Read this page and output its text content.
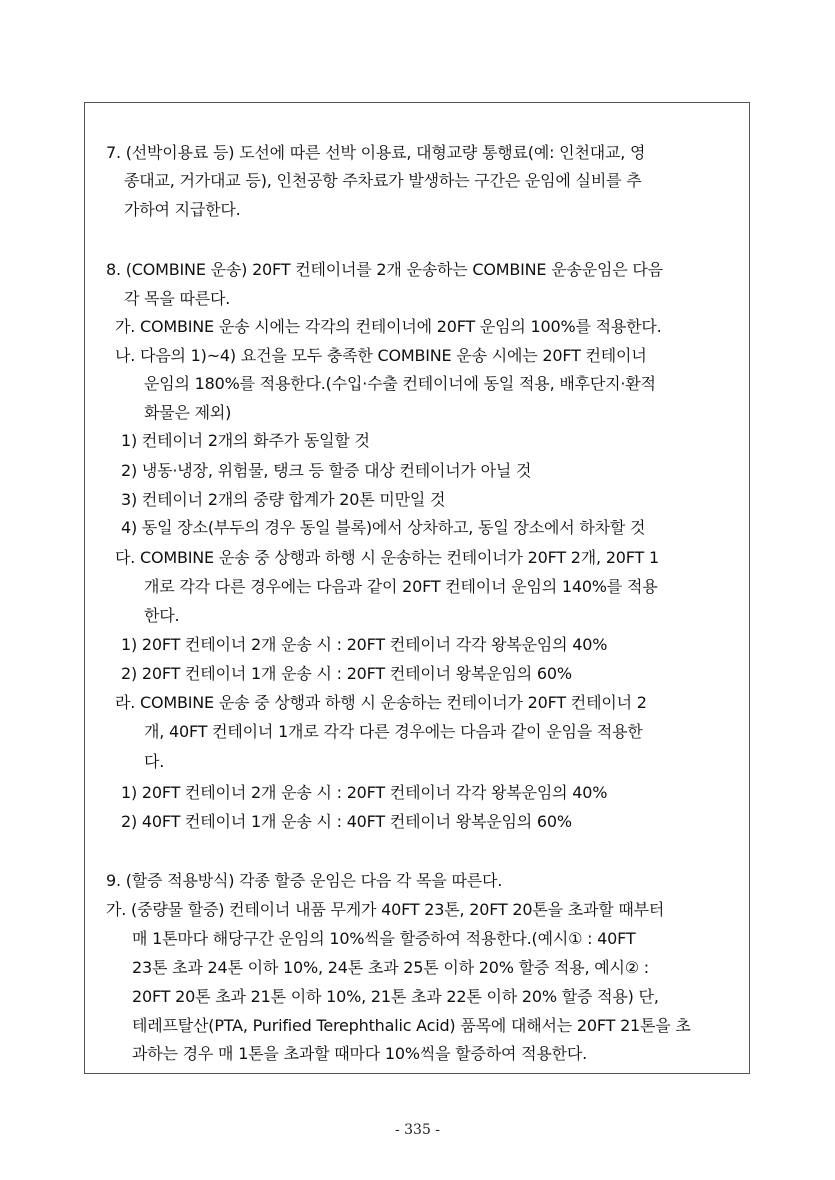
7. (선박이용료 등) 도선에 따른 선박 이용료, 대형교량 통행료(예: 인천대교, 영
종대교, 거가대교 등), 인천공항 주차료가 발생하는 구간은 운임에 실비를 추
가하여 지급한다.
8. (COMBINE 운송) 20FT 컨테이너를 2개 운송하는 COMBINE 운송운임은 다음
각 목을 따른다.
가. COMBINE 운송 시에는 각각의 컨테이너에 20FT 운임의 100%를 적용한다.
나. 다음의 1)~4) 요건을 모두 충족한 COMBINE 운송 시에는 20FT 컨테이너
운임의 180%를 적용한다.(수입·수출 컨테이너에 동일 적용, 배후단지·환적
화물은 제외)
1) 컨테이너 2개의 화주가 동일할 것
2) 냉동·냉장, 위험물, 탱크 등 할증 대상 컨테이너가 아닐 것
3) 컨테이너 2개의 중량 합계가 20톤 미만일 것
4) 동일 장소(부두의 경우 동일 블록)에서 상차하고, 동일 장소에서 하차할 것
다. COMBINE 운송 중 상행과 하행 시 운송하는 컨테이너가 20FT 2개, 20FT 1
개로 각각 다른 경우에는 다음과 같이 20FT 컨테이너 운임의 140%를 적용
한다.
1) 20FT 컨테이너 2개 운송 시 : 20FT 컨테이너 각각 왕복운임의 40%
2) 20FT 컨테이너 1개 운송 시 : 20FT 컨테이너 왕복운임의 60%
라. COMBINE 운송 중 상행과 하행 시 운송하는 컨테이너가 20FT 컨테이너 2
개, 40FT 컨테이너 1개로 각각 다른 경우에는 다음과 같이 운임을 적용한
다.
1) 20FT 컨테이너 2개 운송 시 : 20FT 컨테이너 각각 왕복운임의 40%
2) 40FT 컨테이너 1개 운송 시 : 40FT 컨테이너 왕복운임의 60%
9. (할증 적용방식) 각종 할증 운임은 다음 각 목을 따른다.
가. (중량물 할증) 컨테이너 내품 무게가 40FT 23톤, 20FT 20톤을 초과할 때부터
매 1톤마다 해당구간 운임의 10%씩을 할증하여 적용한다.(예시① : 40FT
23톤 초과 24톤 이하 10%, 24톤 초과 25톤 이하 20% 할증 적용, 예시② :
20FT 20톤 초과 21톤 이하 10%, 21톤 초과 22톤 이하 20% 할증 적용) 단,
테레프탈산(PTA, Purified Terephthalic Acid) 품목에 대해서는 20FT 21톤을 초
과하는 경우 매 1톤을 초과할 때마다 10%씩을 할증하여 적용한다.
- 335 -
